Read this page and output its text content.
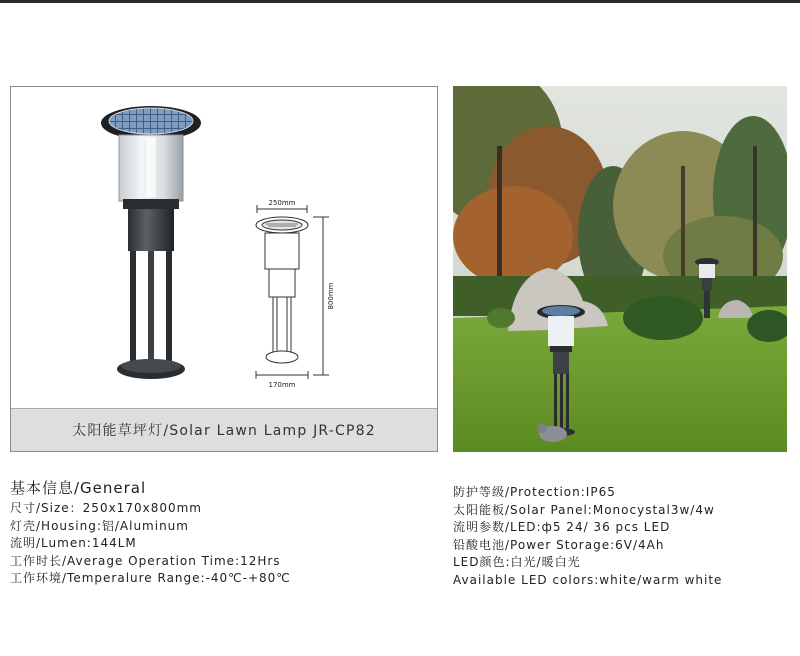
250mm
170mm
800mm
太阳能草坪灯/Solar Lawn Lamp JR-CP82
基本信息/General
尺寸/Size：250x170x800mm
灯壳/Housing:铝/Aluminum
流明/Lumen:144LM
工作时长/Average Operation Time:12Hrs
工作环境/Temperalure Range:-40℃-+80℃
防护等级/Protection:IP65
太阳能板/Solar Panel:Monocystal3w/4w
流明参数/LED:ф5 24/ 36 pcs LED
铅酸电池/Power Storage:6V/4Ah
LED颜色:白光/暖白光
Available LED colors:white/warm white
